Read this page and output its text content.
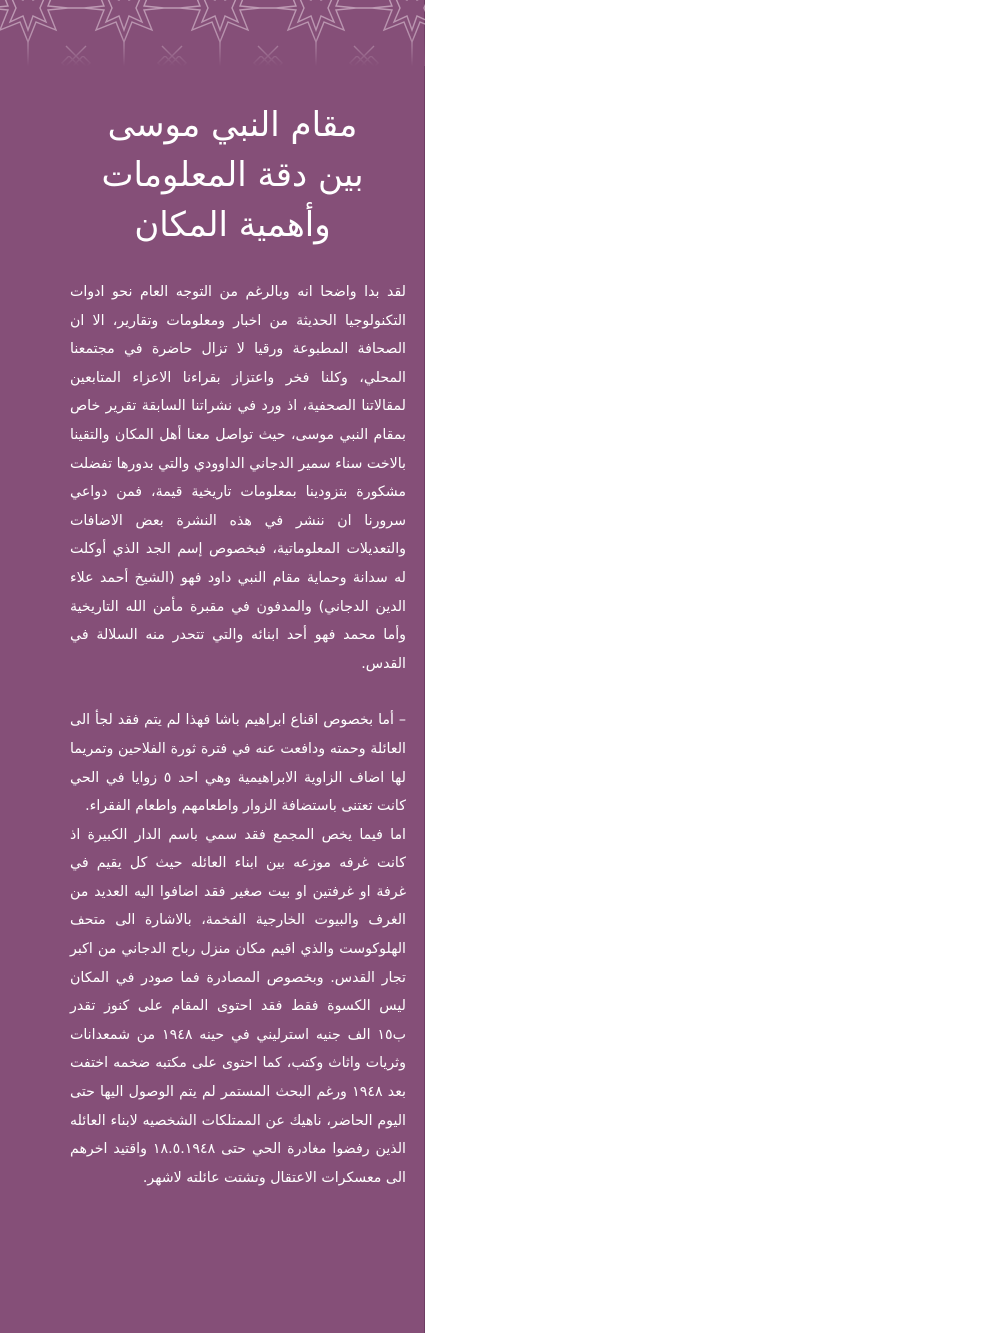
مقام النبي موسى
بين دقة المعلومات
وأهمية المكان

لقد بدا واضحا انه وبالرغم من التوجه العام نحو ادوات التكنولوجيا الحديثة من اخبار ومعلومات وتقارير، الا ان الصحافة المطبوعة ورقيا لا تزال حاضرة في مجتمعنا المحلي، وكلنا فخر واعتزاز بقراءنا الاعزاء المتابعين لمقالاتنا الصحفية، اذ ورد في نشراتنا السابقة تقرير خاص بمقام النبي موسى، حيث تواصل معنا أهل المكان والتقينا بالاخت سناء سمير الدجاني الداوودي والتي بدورها تفضلت مشكورة بتزودينا بمعلومات تاريخية قيمة، فمن دواعي سرورنا ان ننشر في هذه النشرة بعض الاضافات والتعديلات المعلوماتية، فبخصوص إسم الجد الذي أوكلت له سدانة وحماية مقام النبي داود فهو (الشيخ أحمد علاء الدين الدجاني) والمدفون في مقبرة مأمن الله التاريخية وأما محمد فهو أحد ابنائه والتي تتحدر منه السلالة في القدس.

– أما بخصوص اقناع ابراهيم باشا فهذا لم يتم فقد لجأ الى العائلة وحمته ودافعت عنه في فترة ثورة الفلاحين وتمريما لها اضاف الزاوية الابراهيمية وهي احد ٥ زوايا في الحي كانت تعتنى باستضافة الزوار واطعامهم واطعام الفقراء.

اما فيما يخص المجمع فقد سمي باسم الدار الكبيرة اذ كانت غرفه موزعه بين ابناء العائله حيث كل يقيم في غرفة او غرفتين او بيت صغير فقد اضافوا اليه العديد من الغرف والبيوت الخارجية الفخمة، بالاشارة الى متحف الهلوكوست والذي اقيم مكان منزل رباح الدجاني من اكبر تجار القدس. وبخصوص المصادرة فما صودر في المكان ليس الكسوة فقط فقد احتوى المقام على كنوز تقدر ب١٥ الف جنيه استرليني في حينه ١٩٤٨ من شمعدانات وثريات واثاث وكتب، كما احتوى على مكتبه ضخمه اختفت بعد ١٩٤٨ ورغم البحث المستمر لم يتم الوصول اليها حتى اليوم الحاضر، ناهيك عن الممتلكات الشخصيه لابناء العائله الذين رفضوا مغادرة الحي حتى ١٨.٥.١٩٤٨ واقتيد اخرهم الى معسكرات الاعتقال وتشتت عائلته لاشهر.
